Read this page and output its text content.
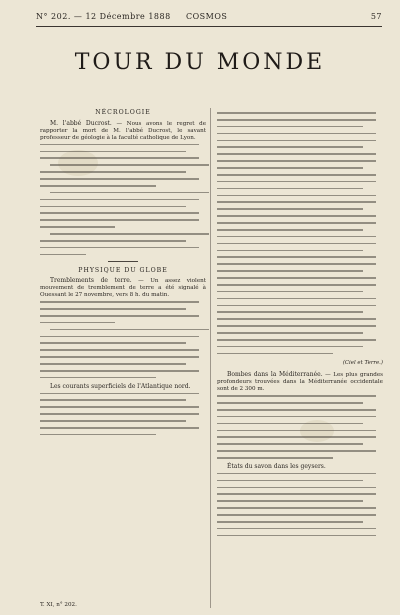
N° 202. — 12 Décembre 1888 COSMOS	57
TOUR DU MONDE
NÉCROLOGIE

M. l'abbé Ducrost. — Nous avons le regret de rapporter la mort de M. l'abbé Ducrost, le savant professeur de géologie à la faculté catholique de Lyon.

PHYSIQUE DU GLOBE

Tremblements de terre. — Un assez violent mouvement de tremblement de terre a été signalé à Ouessant le 27 novembre, vers 8 h. du matin.

Les courants superficiels de l'Atlantique nord.

(Ciel et Terre.)

Bombes dans la Méditerranée. — Les plus grandes profondeurs trouvées dans la Méditerranée occidentale sont de 2 300 m.

États du savon dans les geysers.

T. XI, n° 202.
